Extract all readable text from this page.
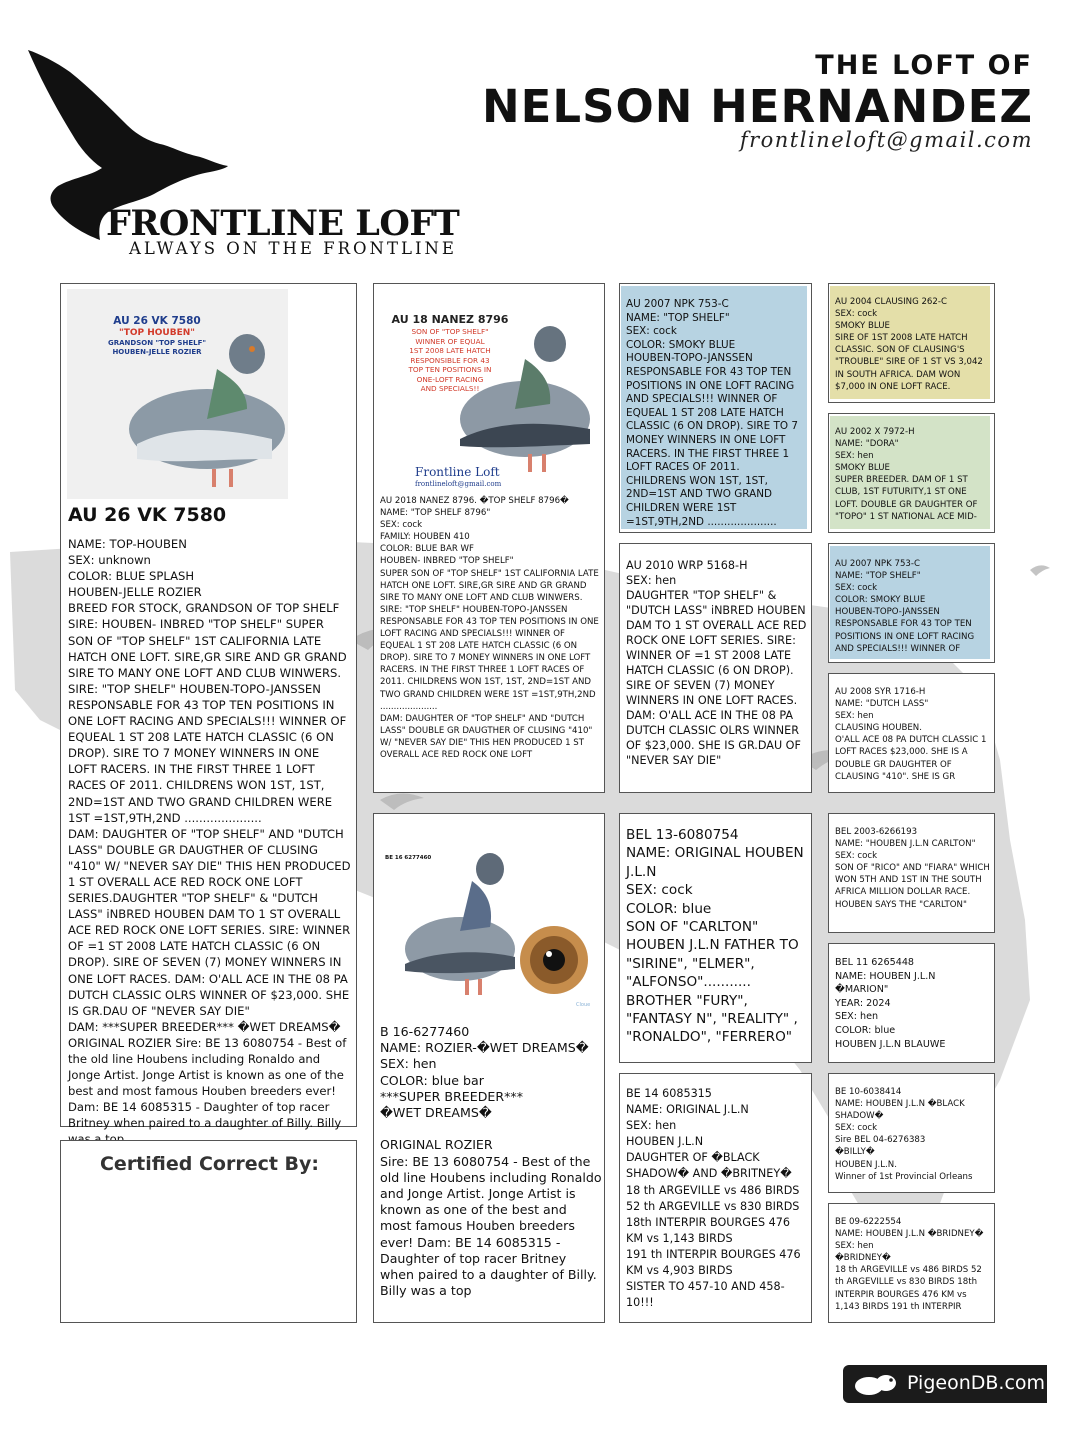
THE LOFT OF
NELSON HERNANDEZ
frontlineloft@gmail.com
FRONTLINE LOFT
ALWAYS ON THE FRONTLINE
AU 26 VK 7580
"TOP HOUBEN"
GRANDSON "TOP SHELF"
HOUBEN-JELLE ROZIER
AU 26 VK 7580
NAME: TOP-HOUBEN
SEX: unknown
COLOR: BLUE SPLASH
HOUBEN-JELLE ROZIER
BREED FOR STOCK, GRANDSON OF TOP SHELF
SIRE: HOUBEN- INBRED "TOP SHELF" SUPER SON OF "TOP SHELF" 1ST CALIFORNIA LATE HATCH ONE LOFT. SIRE,GR SIRE AND GR GRAND SIRE TO MANY ONE LOFT AND CLUB WINWERS. SIRE: "TOP SHELF" HOUBEN-TOPO-JANSSEN RESPONSABLE FOR 43 TOP TEN POSITIONS IN ONE LOFT RACING AND SPECIALS!!! WINNER OF EQUEAL 1 ST 208 LATE HATCH CLASSIC (6 ON DROP). SIRE TO 7 MONEY WINNERS IN ONE LOFT RACERS. IN THE FIRST THREE 1 LOFT RACES OF 2011. CHILDRENS WON 1ST, 1ST, 2ND=1ST AND TWO GRAND CHILDREN WERE 1ST =1ST,9TH,2ND .....................
DAM: DAUGHTER OF "TOP SHELF" AND "DUTCH LASS" DOUBLE GR DAUGTHER OF CLUSING "410" W/ "NEVER SAY DIE" THIS HEN PRODUCED 1 ST OVERALL ACE RED ROCK ONE LOFT SERIES.DAUGHTER "TOP SHELF" & "DUTCH LASS" iNBRED HOUBEN DAM TO 1 ST OVERALL ACE RED ROCK ONE LOFT SERIES. SIRE: WINNER OF =1 ST 2008 LATE HATCH CLASSIC (6 ON DROP). SIRE OF SEVEN (7) MONEY WINNERS IN ONE LOFT RACES. DAM: O'ALL ACE IN THE 08 PA DUTCH CLASSIC OLRS WINNER OF $23,000. SHE IS GR.DAU OF "NEVER SAY DIE"
DAM: ***SUPER BREEDER*** �WET DREAMS� ORIGINAL ROZIER Sire: BE 13 6080754 - Best of the old line Houbens including Ronaldo and Jonge Artist. Jonge Artist is known as one of the best and most famous Houben breeders ever! Dam: BE 14 6085315 - Daughter of top racer Britney when paired to a daughter of Billy. Billy
Certified Correct By:
AU 18 NANEZ 8796
SON OF "TOP SHELF"
WINNER OF EQUAL
1ST 2008 LATE HATCH
RESPONSIBLE FOR 43
TOP TEN POSITIONS IN
ONE-LOFT RACING
AND SPECIALS!!
Frontline Loft
frontlineloft@gmail.com
AU 2018 NANEZ 8796. �TOP SHELF 8796�
NAME: "TOP SHELF 8796"
SEX: cock
FAMILY: HOUBEN 410
COLOR: BLUE BAR WF
HOUBEN- INBRED "TOP SHELF"
SUPER SON OF "TOP SHELF" 1ST CALIFORNIA LATE HATCH ONE LOFT. SIRE,GR SIRE AND GR GRAND SIRE TO MANY ONE LOFT AND CLUB WINWERS.
SIRE: "TOP SHELF" HOUBEN-TOPO-JANSSEN RESPONSABLE FOR 43 TOP TEN POSITIONS IN ONE LOFT RACING AND SPECIALS!!! WINNER OF EQUEAL 1 ST 208 LATE HATCH CLASSIC (6 ON DROP). SIRE TO 7 MONEY WINNERS IN ONE LOFT RACERS. IN THE FIRST THREE 1 LOFT RACES OF 2011. CHILDRENS WON 1ST, 1ST, 2ND=1ST AND TWO GRAND CHILDREN WERE 1ST =1ST,9TH,2ND .....................
DAM: DAUGHTER OF "TOP SHELF" AND "DUTCH LASS" DOUBLE GR DAUGTHER OF CLUSING "410" W/ "NEVER SAY DIE" THIS HEN PRODUCED 1 ST OVERALL ACE RED ROCK ONE LOFT
BE 16 6277460
Cloue
B 16-6277460
NAME: ROZIER-�WET DREAMS�
SEX: hen
COLOR: blue bar
***SUPER BREEDER***
�WET DREAMS�

ORIGINAL ROZIER
Sire: BE 13 6080754 - Best of the old line Houbens including Ronaldo and Jonge Artist. Jonge Artist is known as one of the best and most famous Houben breeders ever! Dam: BE 14 6085315 - Daughter of top racer Britney when paired to a daughter of Billy. Billy was a top
AU 2007 NPK 753-C
NAME: "TOP SHELF"
SEX: cock
COLOR: SMOKY BLUE
HOUBEN-TOPO-JANSSEN
RESPONSABLE FOR 43 TOP TEN POSITIONS IN ONE LOFT RACING AND SPECIALS!!! WINNER OF EQUEAL 1 ST 208 LATE HATCH CLASSIC (6 ON DROP). SIRE TO 7 MONEY WINNERS IN ONE LOFT RACERS. IN THE FIRST THREE 1 LOFT RACES OF 2011. CHILDRENS WON 1ST, 1ST, 2ND=1ST AND TWO GRAND CHILDREN WERE 1ST =1ST,9TH,2ND .....................
AU 2010 WRP 5168-H
SEX: hen
DAUGHTER "TOP SHELF" & "DUTCH LASS" iNBRED HOUBEN DAM TO 1 ST OVERALL ACE RED ROCK ONE LOFT SERIES. SIRE: WINNER OF =1 ST 2008 LATE HATCH CLASSIC (6 ON DROP). SIRE OF SEVEN (7) MONEY WINNERS IN ONE LOFT RACES. DAM: O'ALL ACE IN THE 08 PA DUTCH CLASSIC OLRS WINNER OF $23,000. SHE IS GR.DAU OF "NEVER SAY DIE"
BEL 13-6080754
NAME: ORIGINAL HOUBEN J.L.N
SEX: cock
COLOR: blue
SON OF "CARLTON" HOUBEN J.L.N FATHER TO "SIRINE", "ELMER", "ALFONSO"...........
BROTHER "FURY", "FANTASY N", "REALITY" , "RONALDO", "FERRERO"
BE 14 6085315
NAME: ORIGINAL J.L.N
SEX: hen
HOUBEN J.L.N
DAUGHTER OF �BLACK SHADOW� AND �BRITNEY�
18 th ARGEVILLE vs 486 BIRDS
52 th ARGEVILLE vs 830 BIRDS
18th INTERPIR BOURGES 476 KM vs 1,143 BIRDS
191 th INTERPIR BOURGES 476 KM vs 4,903 BIRDS
SISTER TO 457-10 AND 458-10!!!
AU 2004 CLAUSING 262-C
SEX: cock
SMOKY BLUE
SIRE OF 1ST 2008 LATE HATCH CLASSIC. SON OF CLAUSING'S "TROUBLE" SIRE OF 1 ST VS 3,042 IN SOUTH AFRICA. DAM WON $7,000 IN ONE LOFT RACE.
AU 2002 X 7972-H
NAME: "DORA"
SEX: hen
SMOKY BLUE
SUPER BREEDER. DAM OF 1 ST CLUB, 1ST FUTURITY,1 ST ONE LOFT. DOUBLE GR DAUGHTER OF "TOPO" 1 ST NATIONAL ACE MID-
AU 2007 NPK 753-C
NAME: "TOP SHELF"
SEX: cock
COLOR: SMOKY BLUE
HOUBEN-TOPO-JANSSEN
RESPONSABLE FOR 43 TOP TEN POSITIONS IN ONE LOFT RACING AND SPECIALS!!! WINNER OF
AU 2008 SYR 1716-H
NAME: "DUTCH LASS"
SEX: hen
CLAUSING HOUBEN.
O'ALL ACE 08 PA DUTCH CLASSIC 1 LOFT RACES $23,000. SHE IS A DOUBLE GR DAUGHTER OF CLAUSING "410". SHE IS GR
BEL 2003-6266193
NAME: "HOUBEN J.L.N CARLTON"
SEX: cock
SON OF "RICO" AND "FIARA" WHICH WON 5TH AND 1ST IN THE SOUTH AFRICA MILLION DOLLAR RACE.
HOUBEN SAYS THE "CARLTON"
BEL 11 6265448
NAME: HOUBEN J.L.N
�MARION"
YEAR: 2024
SEX: hen
COLOR: blue
HOUBEN J.L.N BLAUWE
BE 10-6038414
NAME: HOUBEN J.L.N �BLACK SHADOW�
SEX: cock
Sire BEL 04-6276383
�BILLY�
HOUBEN J.L.N.
Winner of 1st Provincial Orleans
BE 09-6222554
NAME: HOUBEN J.L.N �BRIDNEY�
SEX: hen
�BRIDNEY�
18 th ARGEVILLE vs 486 BIRDS 52 th ARGEVILLE vs 830 BIRDS 18th INTERPIR BOURGES 476 KM vs 1,143 BIRDS 191 th INTERPIR
PigeonDB.com
